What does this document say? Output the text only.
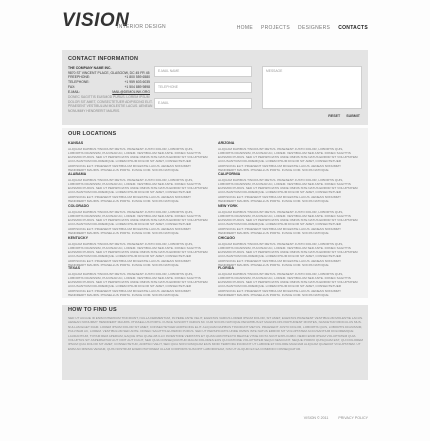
VISION
INTERIOR DESIGN	HOME PROJECTS DESIGNERS CONTACTS
CONTACT INFORMATION
THE COMPANY NAME INC.
9870 ST VINCENT PLACE, GLASGOW, DC 45 FR 45
FREEPHONE:	+1 800 559 6580
TELEPHONE:	+1 959 603 6035
FAX:	+1 504 889 9898
E-MAIL:	MAIL@DEMOLINK.ORG
DONEC SAGITTIS EUISMOD PURUS. LOREM IPSUM DOLOR SIT AMET, CONSECTETUER ADIPISCING ELIT. PRAESENT VESTIBULUM MOLESTIE LACUS. AENEAN NONUMMY HENDRERIT MAURIS.
E-MAIL NAME
TELEPHONE
E-MAIL
MESSAGE
RESET SUBMIT
OUR LOCATIONS
KANSAS
ALIQUAM DAPIBUS TINCIDUNT METUS. PRAESENT JUSTO DOLOR, LOBORTIS QUIS, LOBORTIS DIGNISSIM, PULVINAR AC, LOREM. VESTIBULUM SED ANTE. DONEC SAGITTIS EUISMOD PURUS. SED UT PERSPICIATIS UNDE OMNIS ISTE NATUS ERROR SIT VOLUPTATEM ACCUSANTIUM DOLOREMQUE. LOREM IPSUM DOLOR SIT AMET, CONSECTETUER ADIPISCING ELIT. PRAESENT VESTIBULUM MOLESTIE LACUS. AENEAN NONUMMY HENDRERIT MAURIS. PHASELLUS PORTA. FUSCE COM. SOCIIS NATOQUE.
ARIZONA
ALIQUAM DAPIBUS TINCIDUNT METUS. PRAESENT JUSTO DOLOR, LOBORTIS QUIS, LOBORTIS DIGNISSIM, PULVINAR AC, LOREM. VESTIBULUM SED ANTE. DONEC SAGITTIS EUISMOD PURUS. SED UT PERSPICIATIS UNDE OMNIS ISTE NATUS ERROR SIT VOLUPTATEM ACCUSANTIUM DOLOREMQUE. LOREM IPSUM DOLOR SIT AMET, CONSECTETUER ADIPISCING ELIT. PRAESENT VESTIBULUM MOLESTIE LACUS. AENEAN NONUMMY HENDRERIT MAURIS. PHASELLUS PORTA. FUSCE COM. SOCIIS NATOQUE.
ALABAMA
ALIQUAM DAPIBUS TINCIDUNT METUS. PRAESENT JUSTO DOLOR, LOBORTIS QUIS, LOBORTIS DIGNISSIM, PULVINAR AC, LOREM. VESTIBULUM SED ANTE. DONEC SAGITTIS EUISMOD PURUS. SED UT PERSPICIATIS UNDE OMNIS ISTE NATUS ERROR SIT VOLUPTATEM ACCUSANTIUM DOLOREMQUE. LOREM IPSUM DOLOR SIT AMET, CONSECTETUER ADIPISCING ELIT. PRAESENT VESTIBULUM MOLESTIE LACUS. AENEAN NONUMMY HENDRERIT MAURIS. PHASELLUS PORTA. FUSCE COM. SOCIIS NATOQUE.
CALIFORNIA
ALIQUAM DAPIBUS TINCIDUNT METUS. PRAESENT JUSTO DOLOR, LOBORTIS QUIS, LOBORTIS DIGNISSIM, PULVINAR AC, LOREM. VESTIBULUM SED ANTE. DONEC SAGITTIS EUISMOD PURUS. SED UT PERSPICIATIS UNDE OMNIS ISTE NATUS ERROR SIT VOLUPTATEM ACCUSANTIUM DOLOREMQUE. LOREM IPSUM DOLOR SIT AMET, CONSECTETUER ADIPISCING ELIT. PRAESENT VESTIBULUM MOLESTIE LACUS. AENEAN NONUMMY HENDRERIT MAURIS. PHASELLUS PORTA. FUSCE COM. SOCIIS NATOQUE.
COLORADO
ALIQUAM DAPIBUS TINCIDUNT METUS. PRAESENT JUSTO DOLOR, LOBORTIS QUIS, LOBORTIS DIGNISSIM, PULVINAR AC, LOREM. VESTIBULUM SED ANTE. DONEC SAGITTIS EUISMOD PURUS. SED UT PERSPICIATIS UNDE OMNIS ISTE NATUS ERROR SIT VOLUPTATEM ACCUSANTIUM DOLOREMQUE. LOREM IPSUM DOLOR SIT AMET, CONSECTETUER ADIPISCING ELIT. PRAESENT VESTIBULUM MOLESTIE LACUS. AENEAN NONUMMY HENDRERIT MAURIS. PHASELLUS PORTA. FUSCE COM. SOCIIS NATOQUE.
NEW YORK
ALIQUAM DAPIBUS TINCIDUNT METUS. PRAESENT JUSTO DOLOR, LOBORTIS QUIS, LOBORTIS DIGNISSIM, PULVINAR AC, LOREM. VESTIBULUM SED ANTE. DONEC SAGITTIS EUISMOD PURUS. SED UT PERSPICIATIS UNDE OMNIS ISTE NATUS ERROR SIT VOLUPTATEM ACCUSANTIUM DOLOREMQUE. LOREM IPSUM DOLOR SIT AMET, CONSECTETUER ADIPISCING ELIT. PRAESENT VESTIBULUM MOLESTIE LACUS. AENEAN NONUMMY HENDRERIT MAURIS. PHASELLUS PORTA. FUSCE COM. SOCIIS NATOQUE.
KENTUCKY
ALIQUAM DAPIBUS TINCIDUNT METUS. PRAESENT JUSTO DOLOR, LOBORTIS QUIS, LOBORTIS DIGNISSIM, PULVINAR AC, LOREM. VESTIBULUM SED ANTE. DONEC SAGITTIS EUISMOD PURUS. SED UT PERSPICIATIS UNDE OMNIS ISTE NATUS ERROR SIT VOLUPTATEM ACCUSANTIUM DOLOREMQUE. LOREM IPSUM DOLOR SIT AMET, CONSECTETUER ADIPISCING ELIT. PRAESENT VESTIBULUM MOLESTIE LACUS. AENEAN NONUMMY HENDRERIT MAURIS. PHASELLUS PORTA. FUSCE COM. SOCIIS NATOQUE.
CHICAGO
ALIQUAM DAPIBUS TINCIDUNT METUS. PRAESENT JUSTO DOLOR, LOBORTIS QUIS, LOBORTIS DIGNISSIM, PULVINAR AC, LOREM. VESTIBULUM SED ANTE. DONEC SAGITTIS EUISMOD PURUS. SED UT PERSPICIATIS UNDE OMNIS ISTE NATUS ERROR SIT VOLUPTATEM ACCUSANTIUM DOLOREMQUE. LOREM IPSUM DOLOR SIT AMET, CONSECTETUER ADIPISCING ELIT. PRAESENT VESTIBULUM MOLESTIE LACUS. AENEAN NONUMMY HENDRERIT MAURIS. PHASELLUS PORTA. FUSCE COM. SOCIIS NATOQUE.
TEXAS
ALIQUAM DAPIBUS TINCIDUNT METUS. PRAESENT JUSTO DOLOR, LOBORTIS QUIS, LOBORTIS DIGNISSIM, PULVINAR AC, LOREM. VESTIBULUM SED ANTE. DONEC SAGITTIS EUISMOD PURUS. SED UT PERSPICIATIS UNDE OMNIS ISTE NATUS ERROR SIT VOLUPTATEM ACCUSANTIUM DOLOREMQUE. LOREM IPSUM DOLOR SIT AMET, CONSECTETUER ADIPISCING ELIT. PRAESENT VESTIBULUM MOLESTIE LACUS. AENEAN NONUMMY HENDRERIT MAURIS. PHASELLUS PORTA. FUSCE COM. SOCIIS NATOQUE.
FLORIDA
ALIQUAM DAPIBUS TINCIDUNT METUS. PRAESENT JUSTO DOLOR, LOBORTIS QUIS, LOBORTIS DIGNISSIM, PULVINAR AC, LOREM. VESTIBULUM SED ANTE. DONEC SAGITTIS EUISMOD PURUS. SED UT PERSPICIATIS UNDE OMNIS ISTE NATUS ERROR SIT VOLUPTATEM ACCUSANTIUM DOLOREMQUE. LOREM IPSUM DOLOR SIT AMET, CONSECTETUER ADIPISCING ELIT. PRAESENT VESTIBULUM MOLESTIE LACUS. AENEAN NONUMMY HENDRERIT MAURIS. PHASELLUS PORTA. FUSCE COM. SOCIIS NATOQUE.
HOW TO FIND US
SED UT AUGUE ID ENIM INTERDUM TINCIDUNT, NULLA FERMENTUM, IN PEDE ANTE VELIT, EGESTAS VARIUS LOREM IPSUM DOLOR, SIT AMET, EGESTAS PRAESENT VESTIBULUM MOLESTIE LACUS. AENEAN NONUMMY HENDRERIT MAURIS. PHASELLUS PORTA. FUSCE SUSCIPIT VARIUS MI. CUM SOCIIS NATOQUE PENATIBUS ET MAGNIS DIS PARTURIENT MONTES, NASCETUR RIDICULUS MUS. NULLAM EGET DIAM. LOREM IPSUM DOLOR SIT AMET, CONSECTETUER ADIPISCING ELIT. ALIQUAM DAPIBUS TINCIDUNT METUS. PRAESENT JUSTO DOLOR, LOBORTIS QUIS, LOBORTIS DIGNISSIM, PULVINAR AC, LOREM. VESTIBULUM SED ANTE. DONEC SAGITTIS EUISMOD PURUS. SED UT PERSPICIATIS UNDE OMNIS ISTE NATUS ERROR SIT VOLUPTATEM ACCUSANTIUM DOLOREMQUE LAUDANTIUM, TOTAM REM APERIAM, EAQUE IPSA QUAE AB ILLO INVENTORE VERITATIS ET QUASI ARCHITECTO BEATAE VITAE DICTA SUNT EXPLICABO. NEMO ENIM IPSAM VOLUPTATEM QUIA VOLUPTAS SIT ASPERNATUR AUT ODIT AUT FUGIT, SED QUIA CONSEQUUNTUR MAGNI DOLORES EOS QUI RATIONE VOLUPTATEM SEQUI NESCIUNT. NEQUE PORRO QUISQUAM EST, QUI DOLOREM IPSUM QUIA DOLOR SIT AMET, CONSECTETUR, ADIPISCI VELIT, SED QUIA NON NUMQUAM EIUS MODI TEMPORA INCIDUNT UT LABORE ET DOLORE MAGNAM ALIQUAM QUAERAT VOLUPTATEM. UT ENIM AD MINIMA VENIAM, QUIS NOSTRUM EXERCITATIONEM ULLAM CORPORIS SUSCIPIT LABORIOSAM, NISI UT ALIQUID EX EA COMMODI CONSEQUATUR.
VISION © 2011	PRIVACY POLICY
